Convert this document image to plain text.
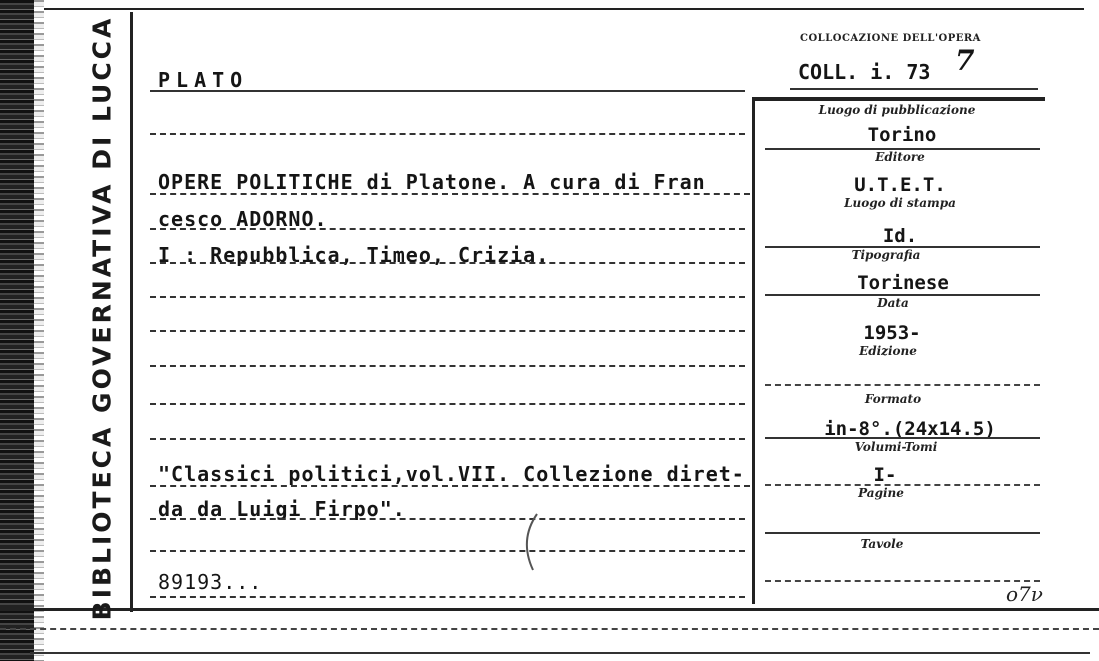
BIBLIOTECA GOVERNATIVA DI LUCCA	COLLOCAZIONE DELL'OPERA
COLL. i. 73 7
PLATO
OPERE POLITICHE di Platone. A cura di Fran
cesco ADORNO.
I : Repubblica, Timeo, Crizia.
"Classici politici,vol.VII. Collezione diret-
da da Luigi Firpo".
89193...
Luogo di pubblicazione
Torino
Editore
U.T.E.T.
Luogo di stampa
Id.
Tipografia
Torinese
Data
1953-
Edizione
Formato
in-8°.(24x14.5)
Volumi-Tomi
I-
Pagine
Tavole
o7ν
